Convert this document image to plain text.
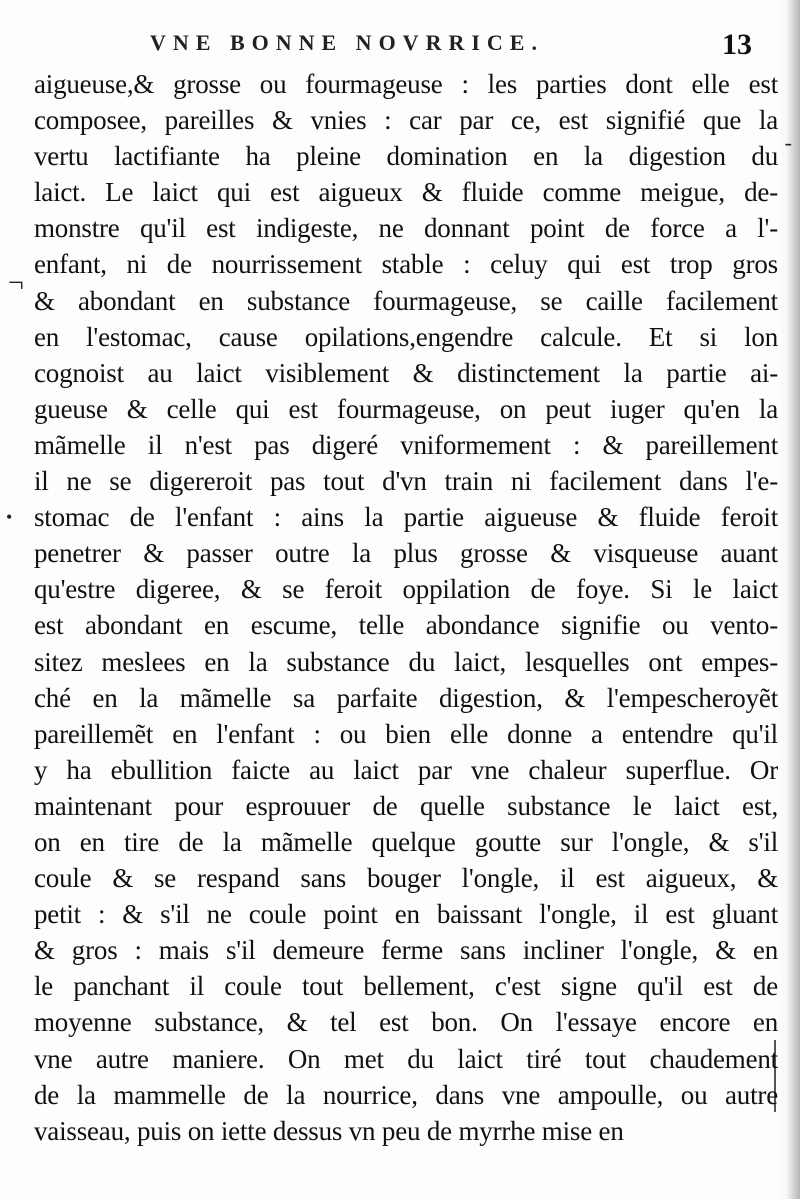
VNE BONNE NOVRRICE.	13
¬
•
‑
aigueuse,& grosse ou fourmageuse : les parties dont elle est
composee, pareilles & vnies : car par ce, est signifié que la
vertu lactifiante ha pleine domination en la digestion du
laict. Le laict qui est aigueux & fluide comme meigue, de-
monstre qu'il est indigeste, ne donnant point de force a l'-
enfant, ni de nourrissement stable : celuy qui est trop gros
& abondant en substance fourmageuse, se caille facilement
en l'estomac, cause opilations,engendre calcule. Et si lon
cognoist au laict visiblement & distinctement la partie ai-
gueuse & celle qui est fourmageuse, on peut iuger qu'en la
mãmelle il n'est pas digeré vniformement : & pareillement
il ne se digereroit pas tout d'vn train ni facilement dans l'e-
stomac de l'enfant : ains la partie aigueuse & fluide feroit
penetrer & passer outre la plus grosse & visqueuse auant
qu'estre digeree, & se feroit oppilation de foye. Si le laict
est abondant en escume, telle abondance signifie ou vento-
sitez meslees en la substance du laict, lesquelles ont empes-
ché en la mãmelle sa parfaite digestion, & l'empescheroyẽt
pareillemẽt en l'enfant : ou bien elle donne a entendre qu'il
y ha ebullition faicte au laict par vne chaleur superflue. Or
maintenant pour esprouuer de quelle substance le laict est,
on en tire de la mãmelle quelque goutte sur l'ongle, & s'il
coule & se respand sans bouger l'ongle, il est aigueux, &
petit : & s'il ne coule point en baissant l'ongle, il est gluant
& gros : mais s'il demeure ferme sans incliner l'ongle, & en
le panchant il coule tout bellement, c'est signe qu'il est de
moyenne substance, & tel est bon. On l'essaye encore en
vne autre maniere. On met du laict tiré tout chaudement
de la mammelle de la nourrice, dans vne ampoulle, ou autre
vaisseau, puis on iette dessus vn peu de myrrhe mise en
